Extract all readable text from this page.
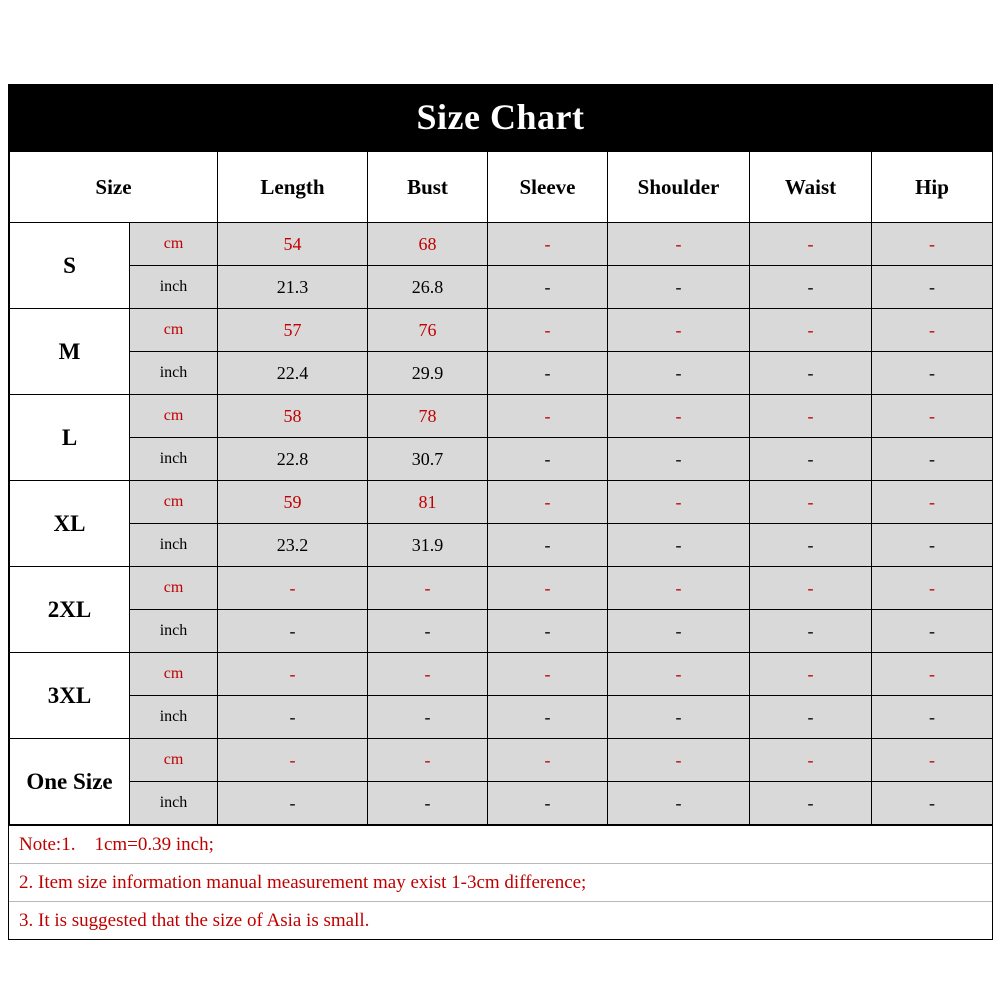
Size Chart
Size		Length	Bust	Sleeve	Shoulder	Waist	Hip
S	cm	54	68	-	-	-	-
	inch	21.3	26.8	-	-	-	-
M	cm	57	76	-	-	-	-
	inch	22.4	29.9	-	-	-	-
L	cm	58	78	-	-	-	-
	inch	22.8	30.7	-	-	-	-
XL	cm	59	81	-	-	-	-
	inch	23.2	31.9	-	-	-	-
2XL	cm	-	-	-	-	-	-
	inch	-	-	-	-	-	-
3XL	cm	-	-	-	-	-	-
	inch	-	-	-	-	-	-
One Size	cm	-	-	-	-	-	-
	inch	-	-	-	-	-	-
Note:1.    1cm=0.39 inch;
2. Item size information manual measurement may exist 1-3cm difference;
3. It is suggested that the size of Asia is small.
